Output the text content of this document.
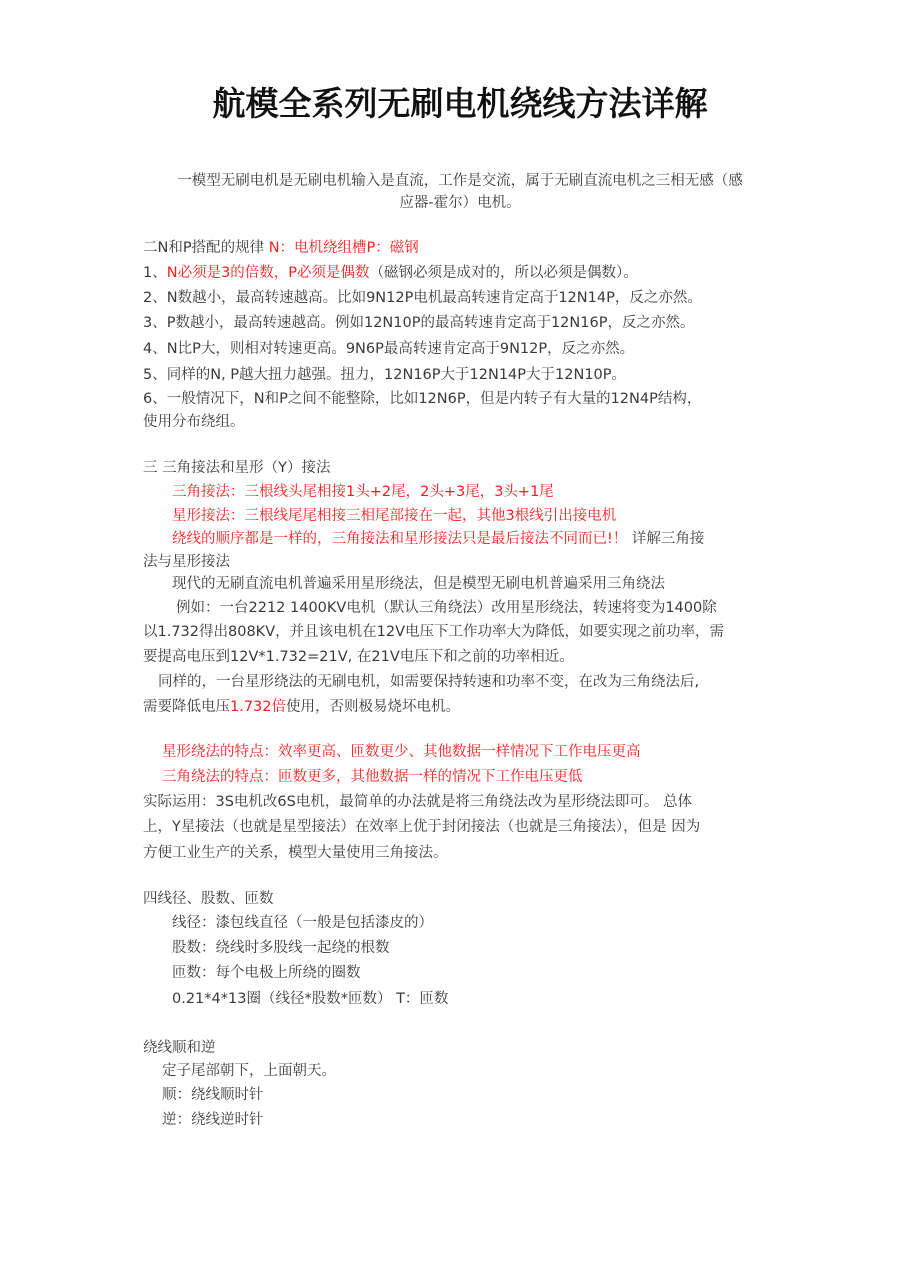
航模全系列无刷电机绕线方法详解
一模型无刷电机是无刷电机输入是直流，工作是交流，属于无刷直流电机之三相无感（感
应器-霍尔）电机。
二N和P搭配的规律 N：电机绕组槽P：磁钢
1、N必须是3的倍数，P必须是偶数（磁钢必须是成对的，所以必须是偶数）。
2、N数越小，最高转速越高。比如9N12P电机最高转速肯定高于12N14P，反之亦然。
3、P数越小，最高转速越高。例如12N10P的最高转速肯定高于12N16P，反之亦然。
4、N比P大，则相对转速更高。9N6P最高转速肯定高于9N12P，反之亦然。
5、同样的N, P越大扭力越强。扭力，12N16P大于12N14P大于12N10P。
6、一般情况下，N和P之间不能整除，比如12N6P，但是内转子有大量的12N4P结构，
使用分布绕组。
三 三角接法和星形（Y）接法
三角接法：三根线头尾相接1头+2尾，2头+3尾，3头+1尾
星形接法：三根线尾尾相接三相尾部接在一起，其他3根线引出接电机
绕线的顺序都是一样的，三角接法和星形接法只是最后接法不同而已!！ 详解三角接
法与星形接法
现代的无刷直流电机普遍采用星形绕法，但是模型无刷电机普遍采用三角绕法
例如：一台2212 1400KV电机（默认三角绕法）改用星形绕法，转速将变为1400除
以1.732得出808KV，并且该电机在12V电压下工作功率大为降低，如要实现之前功率，需
要提高电压到12V*1.732=21V, 在21V电压下和之前的功率相近。
同样的，一台星形绕法的无刷电机，如需要保持转速和功率不变，在改为三角绕法后,
需要降低电压1.732倍使用，否则极易烧坏电机。
星形绕法的特点：效率更高、匝数更少、其他数据一样情况下工作电压更高
三角绕法的特点：匝数更多，其他数据一样的情况下工作电压更低
实际运用：3S电机改6S电机，最简单的办法就是将三角绕法改为星形绕法即可。 总体
上，Y星接法（也就是星型接法）在效率上优于封闭接法（也就是三角接法），但是 因为
方便工业生产的关系，模型大量使用三角接法。
四线径、股数、匝数
线径：漆包线直径（一般是包括漆皮的）
股数：绕线时多股线一起绕的根数
匝数：每个电极上所绕的圈数
0.21*4*13圈（线径*股数*匝数） T：匝数
绕线顺和逆
定子尾部朝下，上面朝天。
顺：绕线顺时针
逆：绕线逆时针
